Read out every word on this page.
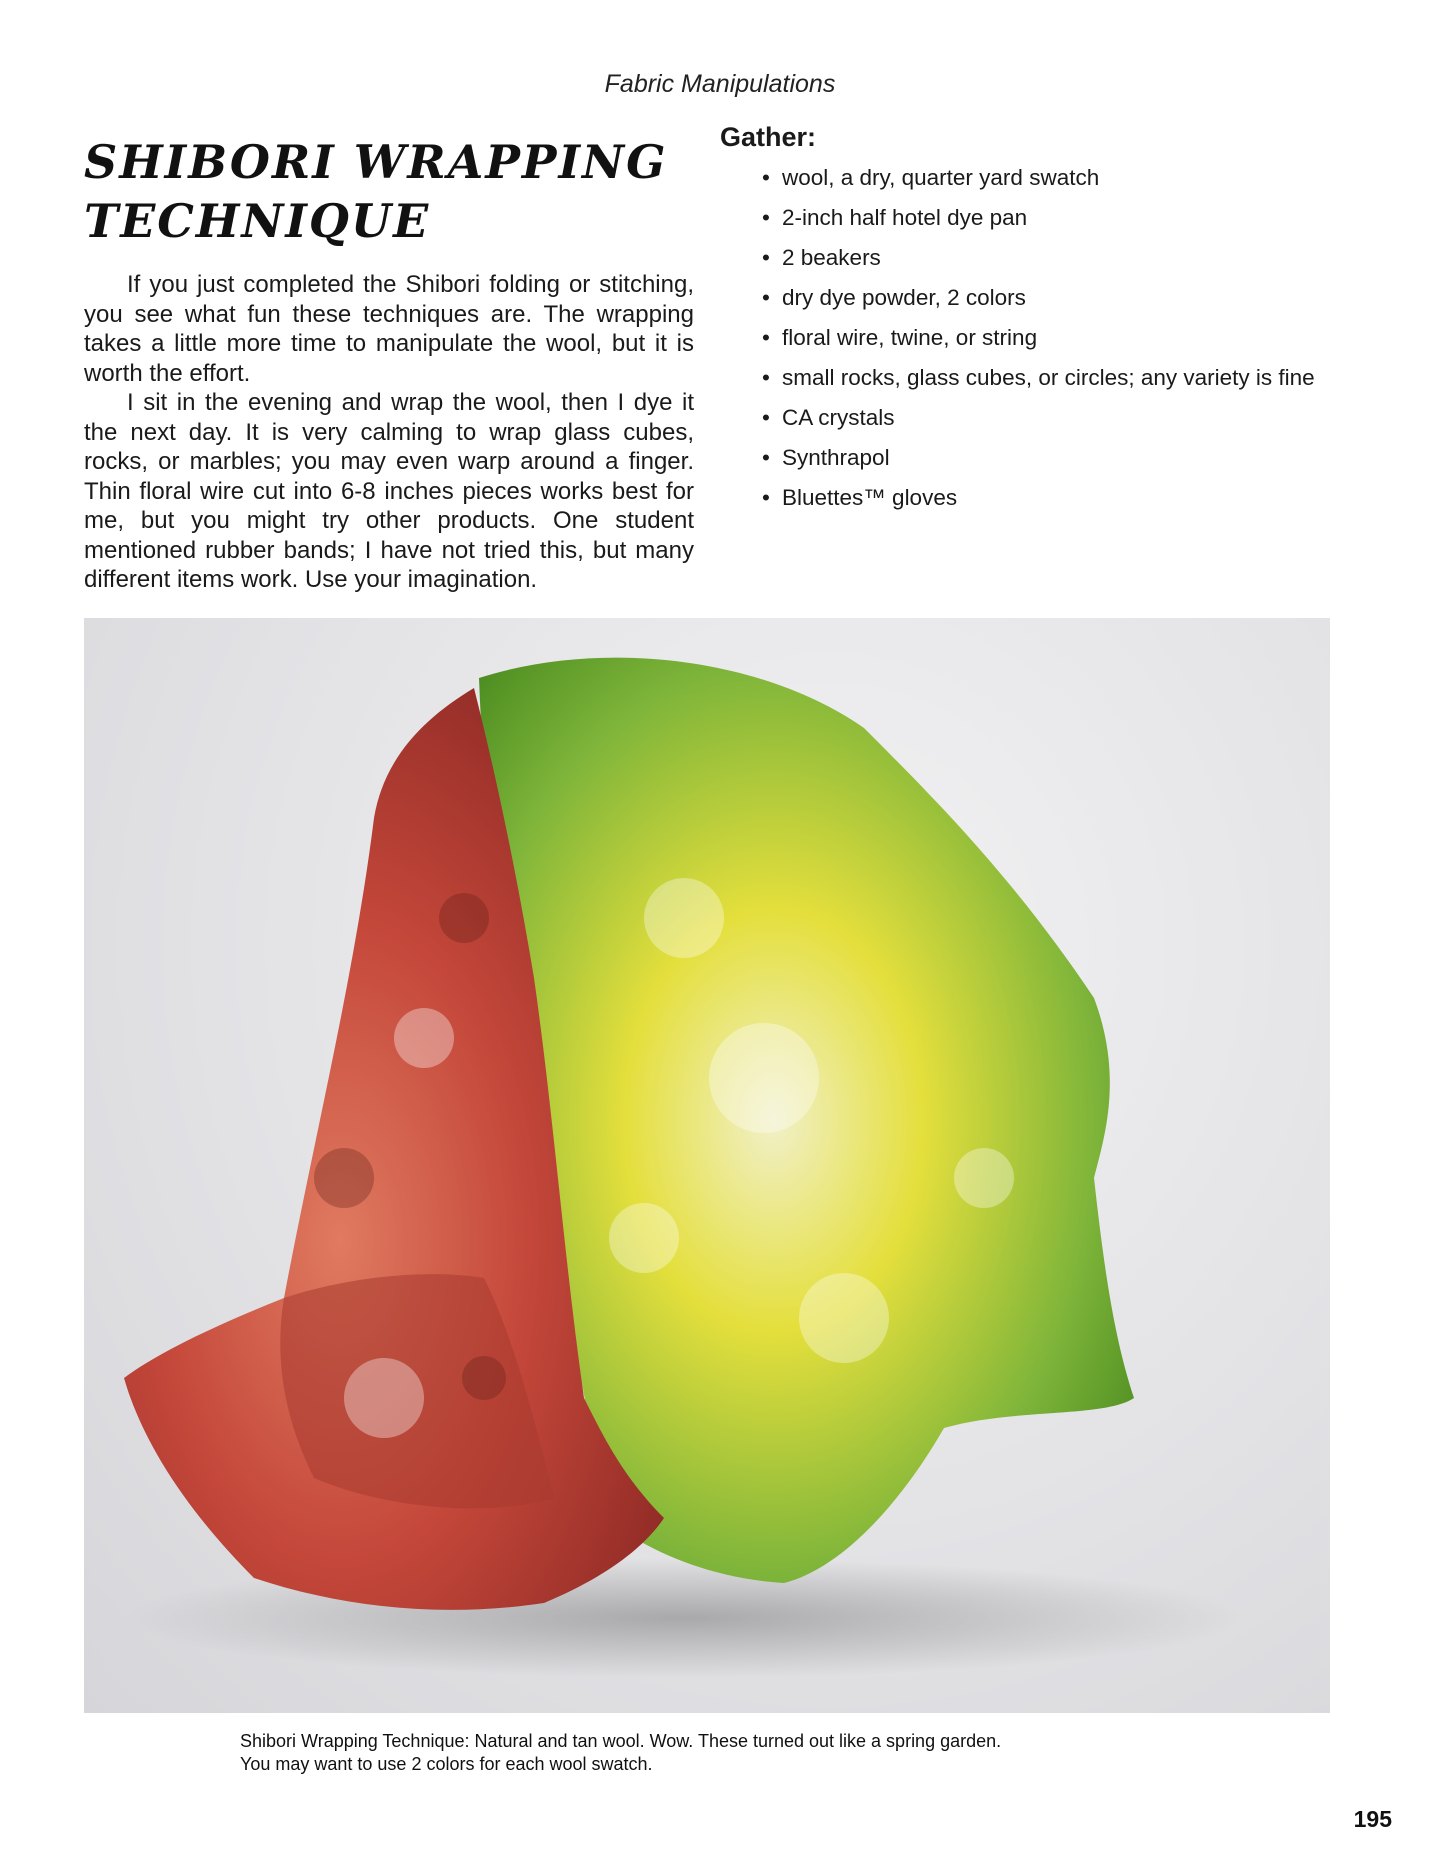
Fabric Manipulations
SHIBORI WRAPPING
TECHNIQUE

If you just completed the Shibori folding or stitching, you see what fun these techniques are. The wrapping takes a little more time to manipulate the wool, but it is worth the effort.

I sit in the evening and wrap the wool, then I dye it the next day. It is very calming to wrap glass cubes, rocks, or marbles; you may even warp around a finger. Thin floral wire cut into 6-8 inches pieces works best for me, but you might try other products. One student mentioned rubber bands; I have not tried this, but many different items work. Use your imagination.

Gather:
• wool, a dry, quarter yard swatch
• 2-inch half hotel dye pan
• 2 beakers
• dry dye powder, 2 colors
• floral wire, twine, or string
• small rocks, glass cubes, or circles; any variety is fine
• CA crystals
• Synthrapol
• Bluettes™ gloves
Shibori Wrapping Technique: Natural and tan wool. Wow. These turned out like a spring garden.
You may want to use 2 colors for each wool swatch.
195
